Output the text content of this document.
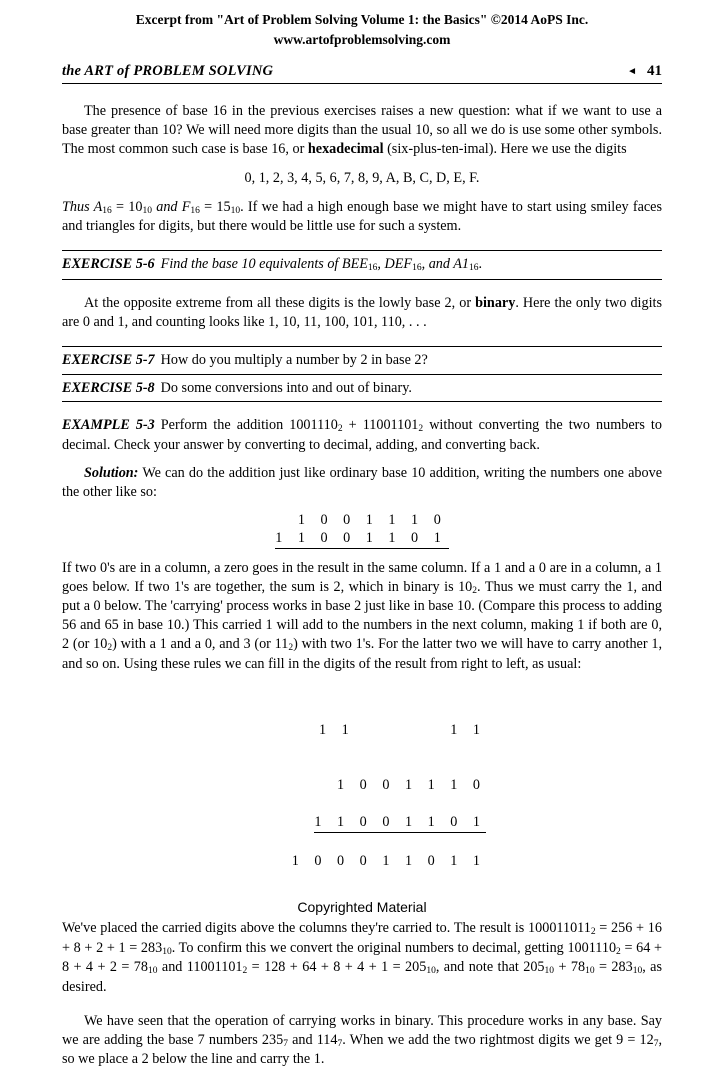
Excerpt from "Art of Problem Solving Volume 1: the Basics" ©2014 AoPS Inc.
www.artofproblemsolving.com
the ART of PROBLEM SOLVING	◄ 41

The presence of base 16 in the previous exercises raises a new question: what if we want to use a base greater than 10? We will need more digits than the usual 10, so all we do is use some other symbols. The most common such case is base 16, or hexadecimal (six-plus-ten-imal). Here we use the digits

0, 1, 2, 3, 4, 5, 6, 7, 8, 9, A, B, C, D, E, F.

Thus $A_{16} = 10_{10}$ and $F_{16} = 15_{10}$. If we had a high enough base we might have to start using smiley faces and triangles for digits, but there would be little use for such a system.

EXERCISE 5-6 Find the base 10 equivalents of $BEE_{16}$, $DEF_{16}$, and $A1_{16}$.

At the opposite extreme from all these digits is the lowly base 2, or binary. Here the only two digits are 0 and 1, and counting looks like 1, 10, 11, 100, 101, 110, . . .

EXERCISE 5-7 How do you multiply a number by 2 in base 2?
EXERCISE 5-8 Do some conversions into and out of binary.
EXAMPLE 5-3 Perform the addition $1001110_2 + 11001101_2$ without converting the two numbers to decimal. Check your answer by converting to decimal, adding, and converting back.

Solution: We can do the addition just like ordinary base 10 addition, writing the numbers one above the other like so:

1 0 0 1 1 1 0
1 1 0 0 1 1 0 1

If two 0's are in a column, a zero goes in the result in the same column. If a 1 and a 0 are in a column, a 1 goes below. If two 1's are together, the sum is 2, which in binary is $10_2$. Thus we must carry the 1, and put a 0 below. The 'carrying' process works in base 2 just like in base 10. (Compare this process to adding 56 and 65 in base 10.) This carried 1 will add to the numbers in the next column, making 1 if both are 0, 2 (or $10_2$) with a 1 and a 0, and 3 (or $11_2$) with two 1's. For the latter two we will have to carry another 1, and so on. Using these rules we can fill in the digits of the result from right to left, as usual:

1 1          1 1

1 0 0 1 1 1 0

1 1 0 0 1 1 0 1

1 0 0 0 1 1 0 1 1

We've placed the carried digits above the columns they're carried to. The result is $100011011_2 = 256 + 16 + 8 + 2 + 1 = 283_{10}$. To confirm this we convert the original numbers to decimal, getting $1001110_2 = 64 + 8 + 4 + 2 = 78_{10}$ and $11001101_2 = 128 + 64 + 8 + 4 + 1 = 205_{10}$, and note that $205_{10} + 78_{10} = 283_{10}$, as desired.

We have seen that the operation of carrying works in binary. This procedure works in any base. Say we are adding the base 7 numbers $235_7$ and $114_7$. When we add the two rightmost digits we get $9 = 12_7$, so we place a 2 below the line and carry the 1.

Copyrighted Material
